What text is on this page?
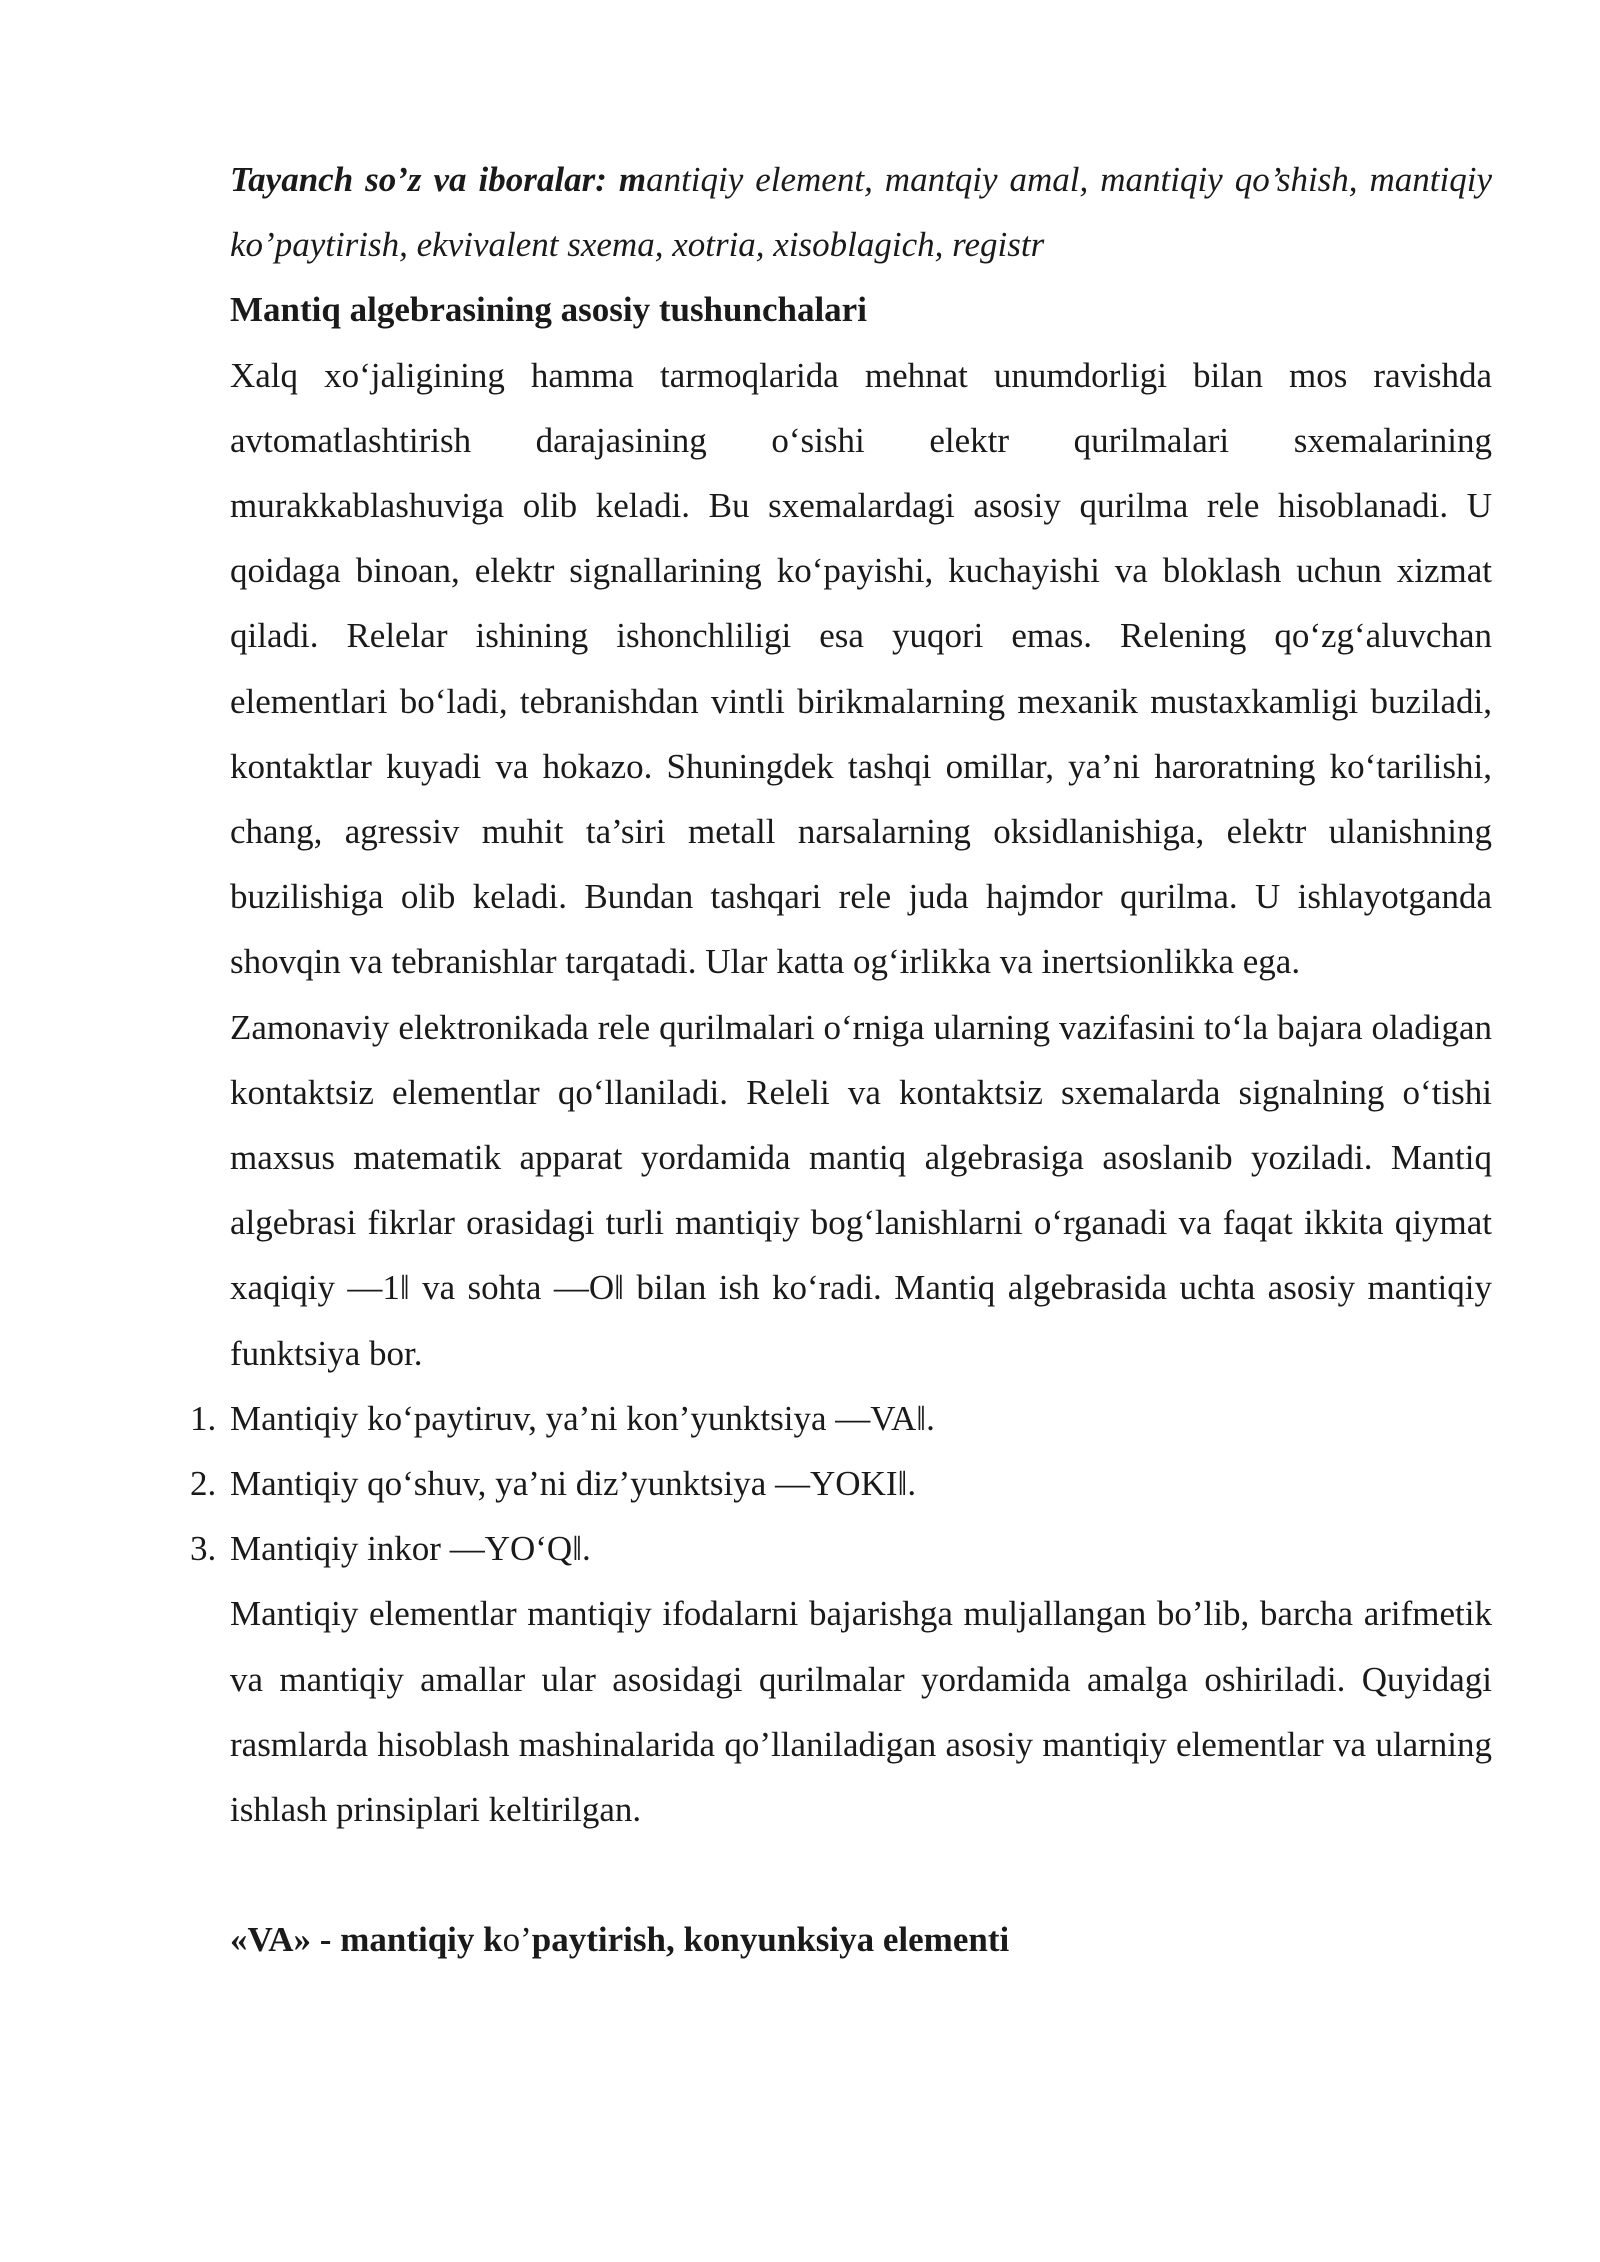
Tayanch so’z va iboralar: mantiqiy element, mantqiy amal, mantiqiy qo’shish, mantiqiy ko’paytirish, ekvivalent sxema, xotria, xisoblagich, registr

Mantiq algebrasining asosiy tushunchalari

Xalq xo‘jaligining hamma tarmoqlarida mehnat unumdorligi bilan mos ravishda avtomatlashtirish darajasining o‘sishi elektr qurilmalari sxemalarining murakkablashuviga olib keladi. Bu sxemalardagi asosiy qurilma rele hisoblanadi. U qoidaga binoan, elektr signallarining ko‘payishi, kuchayishi va bloklash uchun xizmat qiladi. Relelar ishining ishonchliligi esa yuqori emas. Relening qo‘zg‘aluvchan elementlari bo‘ladi, tebranishdan vintli birikmalarning mexanik mustaxkamligi buziladi, kontaktlar kuyadi va hokazo. Shuningdek tashqi omillar, ya’ni haroratning ko‘tarilishi, chang, agressiv muhit ta’siri metall narsalarning oksidlanishiga, elektr ulanishning buzilishiga olib keladi. Bundan tashqari rele juda hajmdor qurilma. U ishlayotganda shovqin va tebranishlar tarqatadi. Ular katta og‘irlikka va inertsionlikka ega.

Zamonaviy elektronikada rele qurilmalari o‘rniga ularning vazifasini to‘la bajara oladigan kontaktsiz elementlar qo‘llaniladi. Releli va kontaktsiz sxemalarda signalning o‘tishi maxsus matematik apparat yordamida mantiq algebrasiga asoslanib yoziladi. Mantiq algebrasi fikrlar orasidagi turli mantiqiy bog‘lanishlarni o‘rganadi va faqat ikkita qiymat xaqiqiy ―1‖ va sohta ―O‖ bilan ish ko‘radi. Mantiq algebrasida uchta asosiy mantiqiy funktsiya bor.

1. Mantiqiy ko‘paytiruv, ya’ni kon’yunktsiya ―VA‖.
2. Mantiqiy qo‘shuv, ya’ni diz’yunktsiya ―YOKI‖.
3. Mantiqiy inkor ―YO‘Q‖.

Mantiqiy elementlar mantiqiy ifodalarni bajarishga muljallangan bo’lib, barcha arifmetik va mantiqiy amallar ular asosidagi qurilmalar yordamida amalga oshiriladi. Quyidagi rasmlarda hisoblash mashinalarida qo’llaniladigan asosiy mantiqiy elementlar va ularning ishlash prinsiplari keltirilgan.

«VA» - mantiqiy ko’paytirish, konyunksiya elementi
